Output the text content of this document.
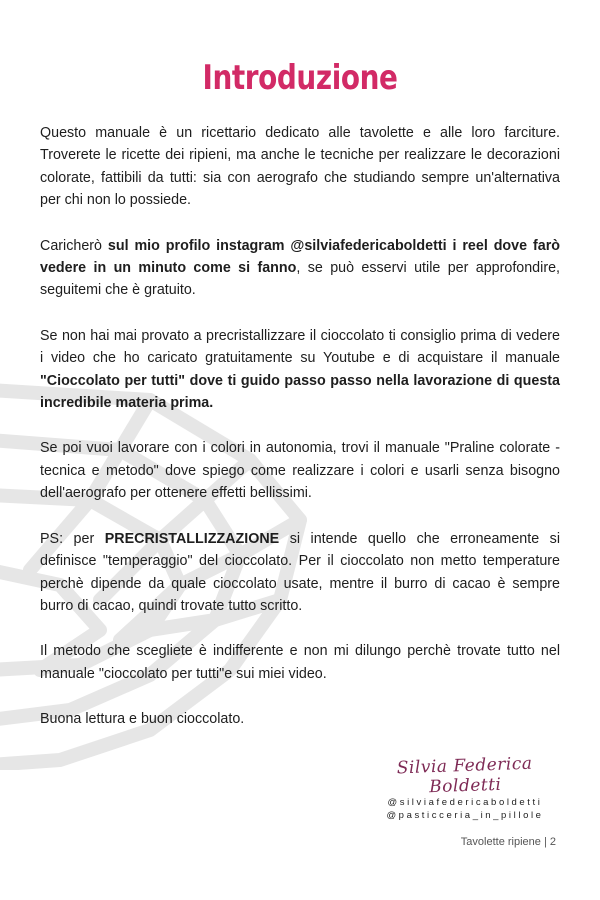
Introduzione

Questo manuale è un ricettario dedicato alle tavolette e alle loro farciture. Troverete le ricette dei ripieni, ma anche le tecniche per realizzare le decorazioni colorate, fattibili da tutti: sia con aerografo che studiando sempre un'alternativa per chi non lo possiede.

Caricherò sul mio profilo instagram @silviafedericaboldetti i reel dove farò vedere in un minuto come si fanno, se può esservi utile per approfondire, seguitemi che è gratuito.

Se non hai mai provato a precristallizzare il cioccolato ti consiglio prima di vedere i video che ho caricato gratuitamente su Youtube e di acquistare il manuale "Cioccolato per tutti" dove ti guido passo passo nella lavorazione di questa incredibile materia prima.

Se poi vuoi lavorare con i colori in autonomia, trovi il manuale "Praline colorate - tecnica e metodo" dove spiego come realizzare i colori e usarli senza bisogno dell'aerografo per ottenere effetti bellissimi.

PS: per PRECRISTALLIZZAZIONE si intende quello che erroneamente si definisce "temperaggio" del cioccolato. Per il cioccolato non metto temperature perchè dipende da quale cioccolato usate, mentre il burro di cacao è sempre burro di cacao, quindi trovate tutto scritto.

Il metodo che scegliete è indifferente e non mi dilungo perchè trovate tutto nel manuale "cioccolato per tutti"e sui miei video.

Buona lettura e buon cioccolato.

Silvia Federica Boldetti
@silviafedericaboldetti
@pasticceria_in_pillole
Tavolette ripiene | 2
